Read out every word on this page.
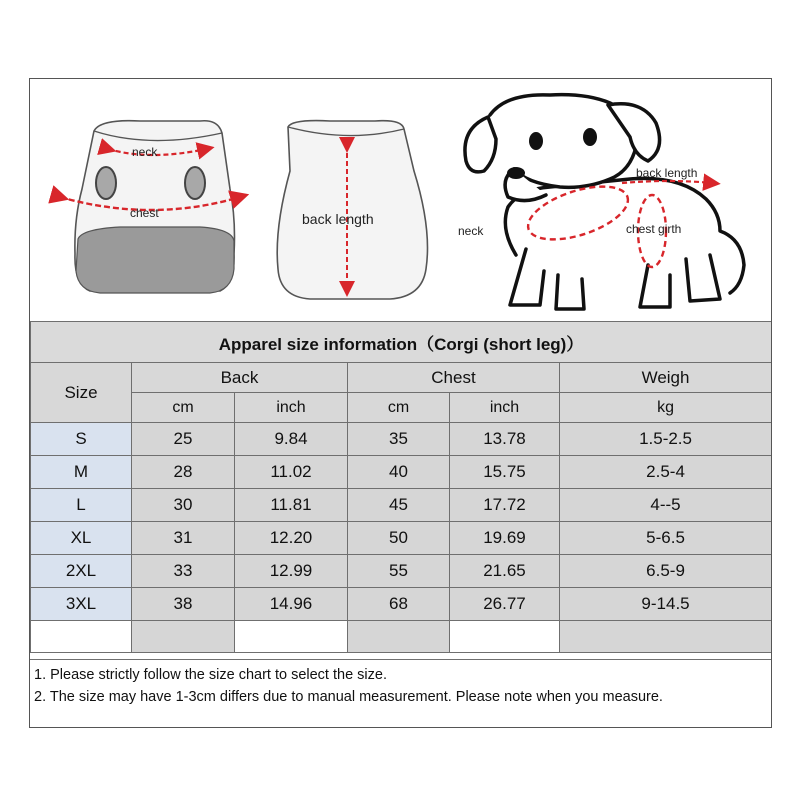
neck
chest	back length
back length
neck	chest girth
Apparel size information（Corgi (short leg)）					
Size	Back		Chest		Weigh
	cm	inch	cm	inch	kg
S	25	9.84	35	13.78	1.5-2.5
M	28	11.02	40	15.75	2.5-4
L	30	11.81	45	17.72	4--5
XL	31	12.20	50	19.69	5-6.5
2XL	33	12.99	55	21.65	6.5-9
3XL	38	14.96	68	26.77	9-14.5

1. Please strictly follow the size chart to select the size.
2. The size may have 1-3cm differs due to manual measurement. Please note when you measure.
